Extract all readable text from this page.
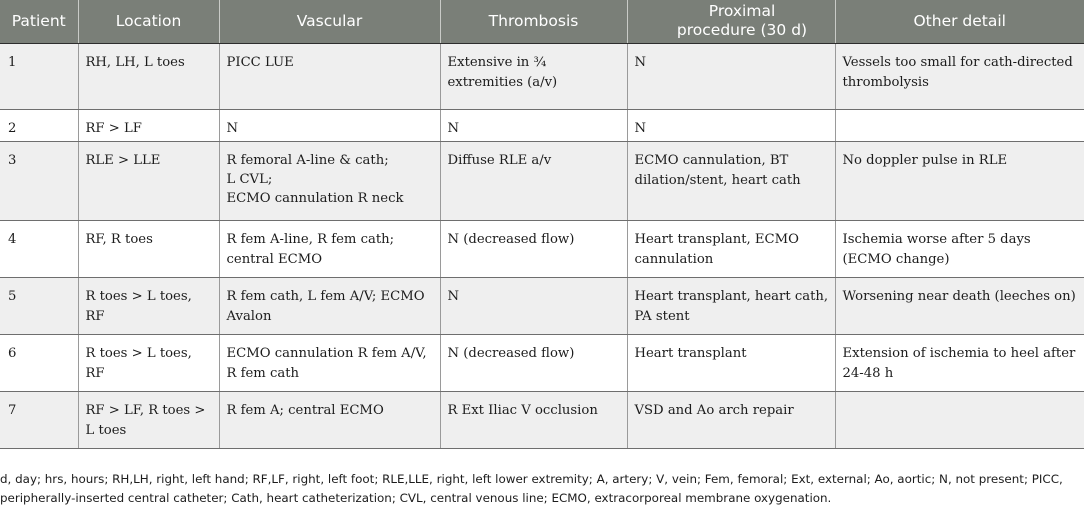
Patient	Location	Vascular	Thrombosis	Proximal procedure (30 d)	Other detail
1	RH, LH, L toes	PICC LUE	Extensive in ¾ extremities (a/v)	N	Vessels too small for cath-directed thrombolysis
2	RF > LF	N	N	N	
3	RLE > LLE	R femoral A-line & cath;
L CVL;
ECMO cannulation R neck	Diffuse RLE a/v	ECMO cannulation, BT dilation/stent, heart cath	No doppler pulse in RLE
4	RF, R toes	R fem A-line, R fem cath; central ECMO	N (decreased flow)	Heart transplant, ECMO cannulation	Ischemia worse after 5 days (ECMO change)
5	R toes > L toes, RF	R fem cath, L fem A/V; ECMO Avalon	N	Heart transplant, heart cath, PA stent	Worsening near death (leeches on)
6	R toes > L toes, RF	ECMO cannulation R fem A/V, R fem cath	N (decreased flow)	Heart transplant	Extension of ischemia to heel after 24-48 h
7	RF > LF, R toes > L toes	R fem A; central ECMO	R Ext Iliac V occlusion	VSD and Ao arch repair	
d, day; hrs, hours; RH,LH, right, left hand; RF,LF, right, left foot; RLE,LLE, right, left lower extremity; A, artery; V, vein; Fem, femoral; Ext, external; Ao, aortic; N, not present; PICC, peripherally-inserted central catheter; Cath, heart catheterization; CVL, central venous line; ECMO, extracorporeal membrane oxygenation.
